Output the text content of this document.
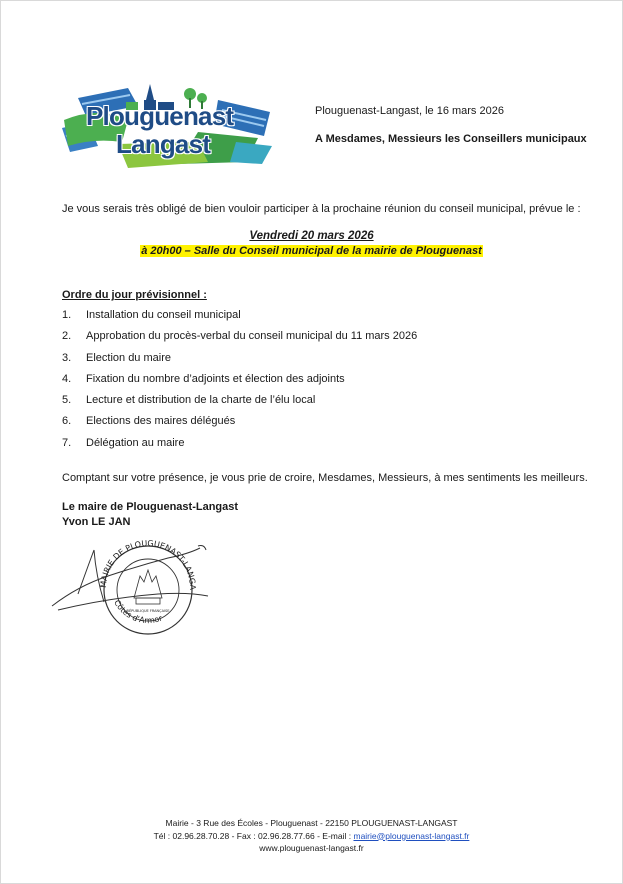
Plouguenast
Langast
Plouguenast-Langast, le 16 mars 2026
A Mesdames, Messieurs les Conseillers municipaux
Je vous serais très obligé de bien vouloir participer à la prochaine réunion du conseil municipal, prévue le :
Vendredi 20 mars 2026
à 20h00 – Salle du Conseil municipal de la mairie de Plouguenast
Ordre du jour prévisionnel :
1. Installation du conseil municipal
2. Approbation du procès-verbal du conseil municipal du 11 mars 2026
3. Election du maire
4. Fixation du nombre d’adjoints et élection des adjoints
5. Lecture et distribution de la charte de l’élu local
6. Elections des maires délégués
7. Délégation au maire
Comptant sur votre présence, je vous prie de croire, Mesdames, Messieurs, à mes sentiments les meilleurs.
Le maire de Plouguenast-Langast
Yvon LE JAN
MAIRIE DE PLOUGUENAST-LANGA
Côtes d'Armor
RÉPUBLIQUE FRANÇAISE
Mairie - 3 Rue des Écoles - Plouguenast - 22150 PLOUGUENAST-LANGAST
Tél : 02.96.28.70.28 - Fax : 02.96.28.77.66 - E-mail : mairie@plouguenast-langast.fr
www.plouguenast-langast.fr
